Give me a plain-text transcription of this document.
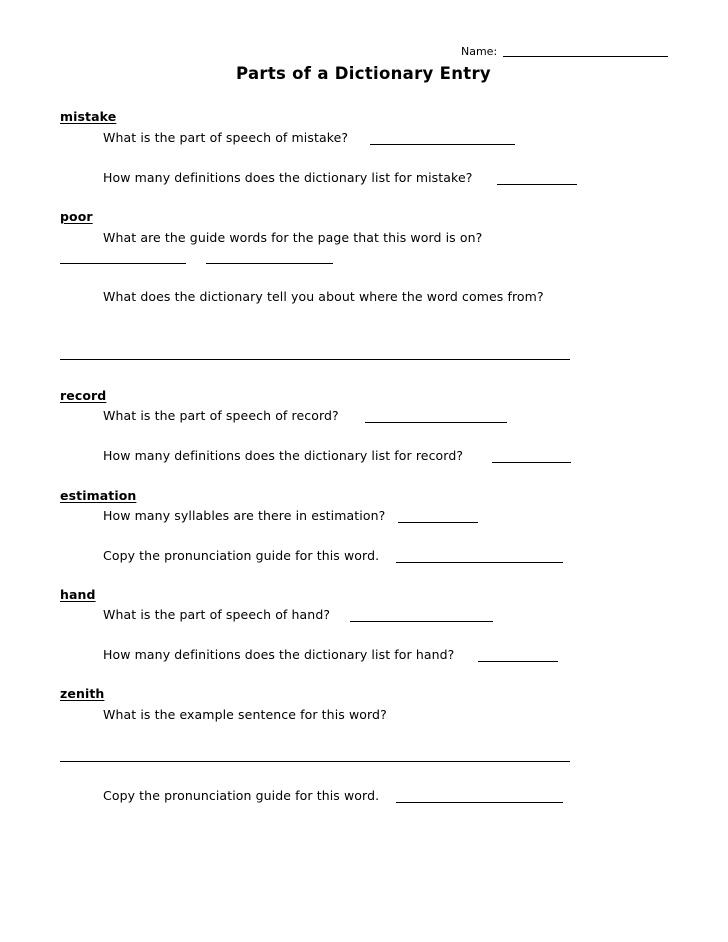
Name:
Parts of a Dictionary Entry
mistake
What is the part of speech of mistake?
How many definitions does the dictionary list for mistake?
poor
What are the guide words for the page that this word is on?
What does the dictionary tell you about where the word comes from?
record
What is the part of speech of record?
How many definitions does the dictionary list for record?
estimation
How many syllables are there in estimation?
Copy the pronunciation guide for this word.
hand
What is the part of speech of hand?
How many definitions does the dictionary list for hand?
zenith
What is the example sentence for this word?
Copy the pronunciation guide for this word.
